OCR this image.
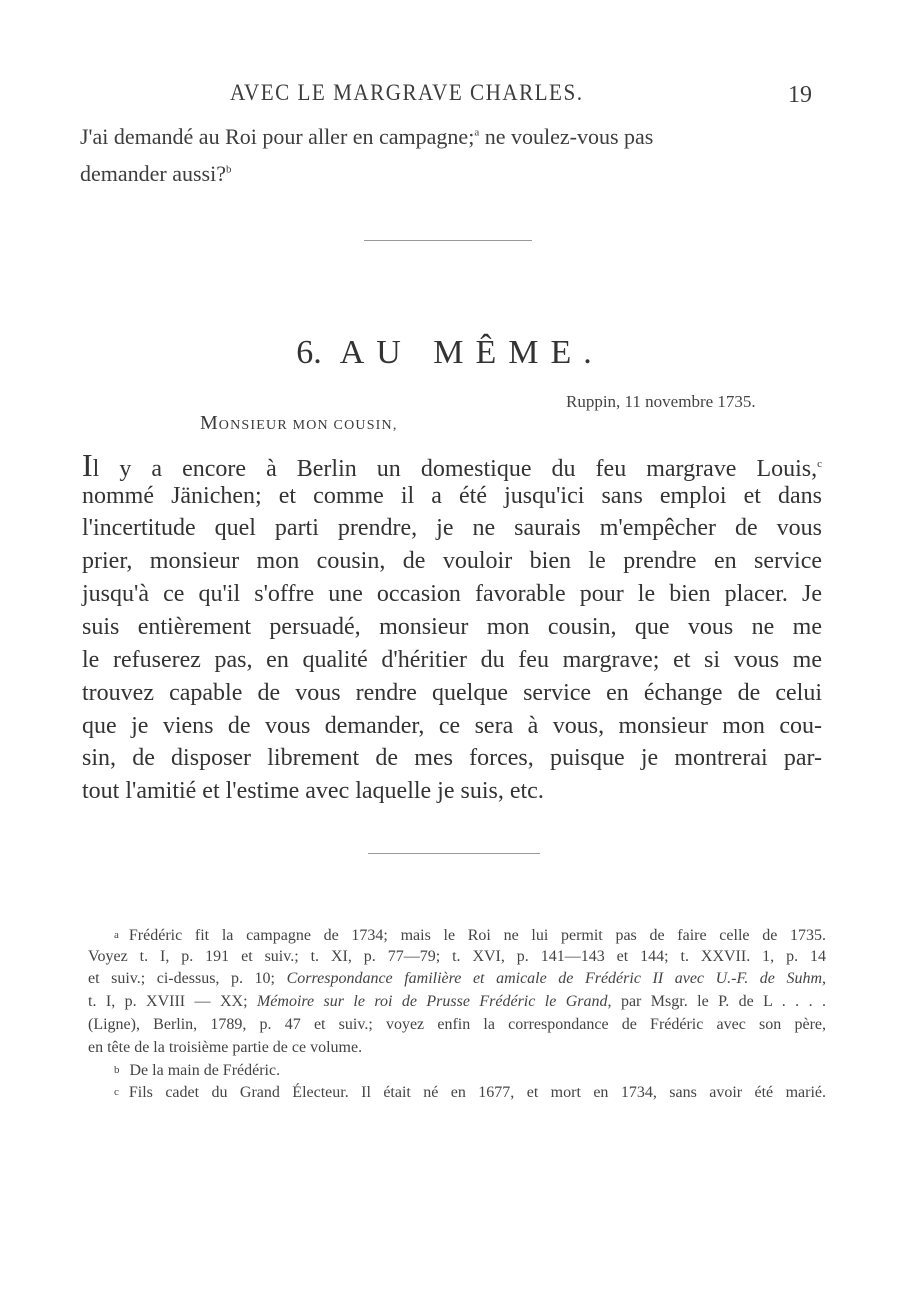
AVEC LE MARGRAVE CHARLES.	19
J'ai demandé au Roi pour aller en campagne;$^a$ ne voulez-vous pas
demander aussi?$^b$
6. AU MÊME.
Ruppin, 11 novembre 1735.
MONSIEUR MON COUSIN,
Il y a encore à Berlin un domestique du feu margrave Louis,$^c$
nommé Jänichen; et comme il a été jusqu'ici sans emploi et dans
l'incertitude quel parti prendre, je ne saurais m'empêcher de vous
prier, monsieur mon cousin, de vouloir bien le prendre en service
jusqu'à ce qu'il s'offre une occasion favorable pour le bien placer. Je
suis entièrement persuadé, monsieur mon cousin, que vous ne me
le refuserez pas, en qualité d'héritier du feu margrave; et si vous me
trouvez capable de vous rendre quelque service en échange de celui
que je viens de vous demander, ce sera à vous, monsieur mon cou-
sin, de disposer librement de mes forces, puisque je montrerai par-
tout l'amitié et l'estime avec laquelle je suis, etc.
a Frédéric fit la campagne de 1734; mais le Roi ne lui permit pas de faire celle de 1735.
Voyez t. I, p. 191 et suiv.; t. XI, p. 77—79; t. XVI, p. 141—143 et 144; t. XXVII. 1, p. 14
et suiv.; ci-dessus, p. 10; Correspondance familière et amicale de Frédéric II avec U.-F. de Suhm,
t. I, p. XVIII — XX; Mémoire sur le roi de Prusse Frédéric le Grand, par Msgr. le P. de L . . . .
(Ligne), Berlin, 1789, p. 47 et suiv.; voyez enfin la correspondance de Frédéric avec son père,
en tête de la troisième partie de ce volume.
b De la main de Frédéric.
c Fils cadet du Grand Électeur. Il était né en 1677, et mort en 1734, sans avoir été marié.
